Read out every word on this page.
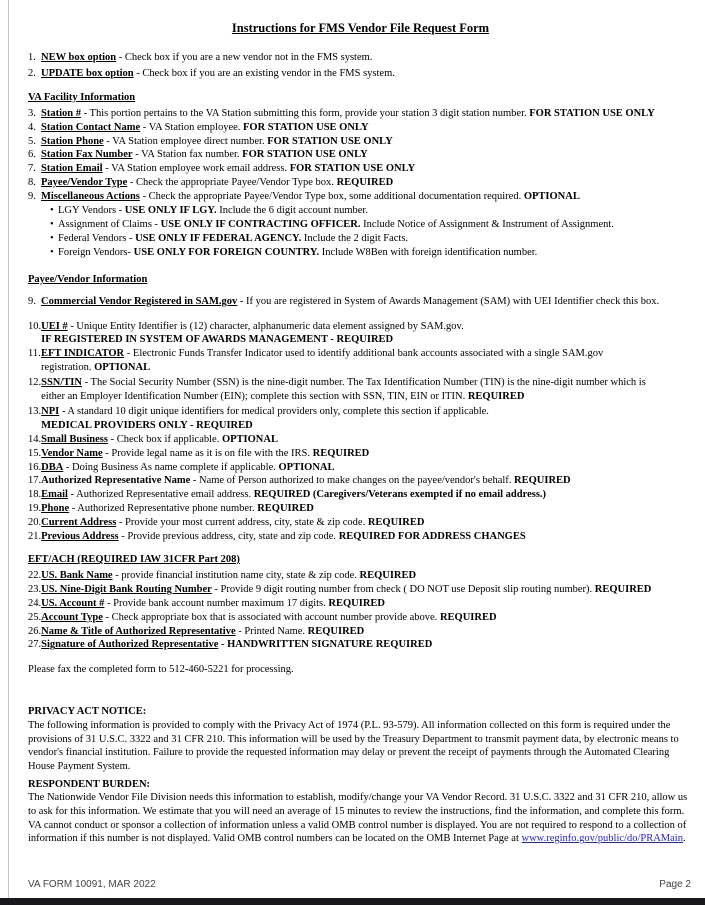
Instructions for FMS Vendor File Request Form
1. NEW box option - Check box if you are a new vendor not in the FMS system.
2. UPDATE box option - Check box if you are an existing vendor in the FMS system.
VA Facility Information
3. Station # - This portion pertains to the VA Station submitting this form, provide your station 3 digit station number. FOR STATION USE ONLY
4. Station Contact Name - VA Station employee. FOR STATION USE ONLY
5. Station Phone - VA Station employee direct number. FOR STATION USE ONLY
6. Station Fax Number - VA Station fax number. FOR STATION USE ONLY
7. Station Email - VA Station employee work email address. FOR STATION USE ONLY
8. Payee/Vendor Type - Check the appropriate Payee/Vendor Type box. REQUIRED
9. Miscellaneous Actions - Check the appropriate Payee/Vendor Type box, some additional documentation required. OPTIONAL
• LGY Vendors - USE ONLY IF LGY. Include the 6 digit account number.
• Assignment of Claims - USE ONLY IF CONTRACTING OFFICER. Include Notice of Assignment & Instrument of Assignment.
• Federal Vendors - USE ONLY IF FEDERAL AGENCY. Include the 2 digit Facts.
• Foreign Vendors- USE ONLY FOR FOREIGN COUNTRY. Include W8Ben with foreign identification number.
Payee/Vendor Information
9. Commercial Vendor Registered in SAM.gov - If you are registered in System of Awards Management (SAM) with UEI Identifier check this box.
10. UEI # - Unique Entity Identifier is (12) character, alphanumeric data element assigned by SAM.gov.
IF REGISTERED IN SYSTEM OF AWARDS MANAGEMENT - REQUIRED
11. EFT INDICATOR - Electronic Funds Transfer Indicator used to identify additional bank accounts associated with a single SAM.gov
registration. OPTIONAL
12. SSN/TIN - The Social Security Number (SSN) is the nine-digit number. The Tax Identification Number (TIN) is the nine-digit number which is
either an Employer Identification Number (EIN); complete this section with SSN, TIN, EIN or ITIN. REQUIRED
13. NPI - A standard 10 digit unique identifiers for medical providers only, complete this section if applicable.
MEDICAL PROVIDERS ONLY - REQUIRED
14. Small Business - Check box if applicable. OPTIONAL
15. Vendor Name - Provide legal name as it is on file with the IRS. REQUIRED
16. DBA - Doing Business As name complete if applicable. OPTIONAL
17. Authorized Representative Name - Name of Person authorized to make changes on the payee/vendor's behalf. REQUIRED
18. Email - Authorized Representative email address. REQUIRED (Caregivers/Veterans exempted if no email address.)
19. Phone - Authorized Representative phone number. REQUIRED
20. Current Address - Provide your most current address, city, state & zip code. REQUIRED
21. Previous Address - Provide previous address, city, state and zip code. REQUIRED FOR ADDRESS CHANGES
EFT/ACH (REQUIRED IAW 31CFR Part 208)
22. US. Bank Name - provide financial institution name city, state & zip code. REQUIRED
23. US. Nine-Digit Bank Routing Number - Provide 9 digit routing number from check ( DO NOT use Deposit slip routing number). REQUIRED
24. US. Account # - Provide bank account number maximum 17 digits. REQUIRED
25. Account Type - Check appropriate box that is associated with account number provide above. REQUIRED
26. Name & Title of Authorized Representative - Printed Name. REQUIRED
27. Signature of Authorized Representative - HANDWRITTEN SIGNATURE REQUIRED
Please fax the completed form to 512-460-5221 for processing.
PRIVACY ACT NOTICE:
The following information is provided to comply with the Privacy Act of 1974 (P.L. 93-579). All information collected on this form is required under the provisions of 31 U.S.C. 3322 and 31 CFR 210. This information will be used by the Treasury Department to transmit payment data, by electronic means to vendor's financial institution. Failure to provide the requested information may delay or prevent the receipt of payments through the Automated Clearing House Payment System.
RESPONDENT BURDEN:
The Nationwide Vendor File Division needs this information to establish, modify/change your VA Vendor Record. 31 U.S.C. 3322 and 31 CFR 210, allow us to ask for this information. We estimate that you will need an average of 15 minutes to review the instructions, find the information, and complete this form. VA cannot conduct or sponsor a collection of information unless a valid OMB control number is displayed. You are not required to respond to a collection of information if this number is not displayed. Valid OMB control numbers can be located on the OMB Internet Page at www.reginfo.gov/public/do/PRAMain.
VA FORM 10091, MAR 2022	Page 2
